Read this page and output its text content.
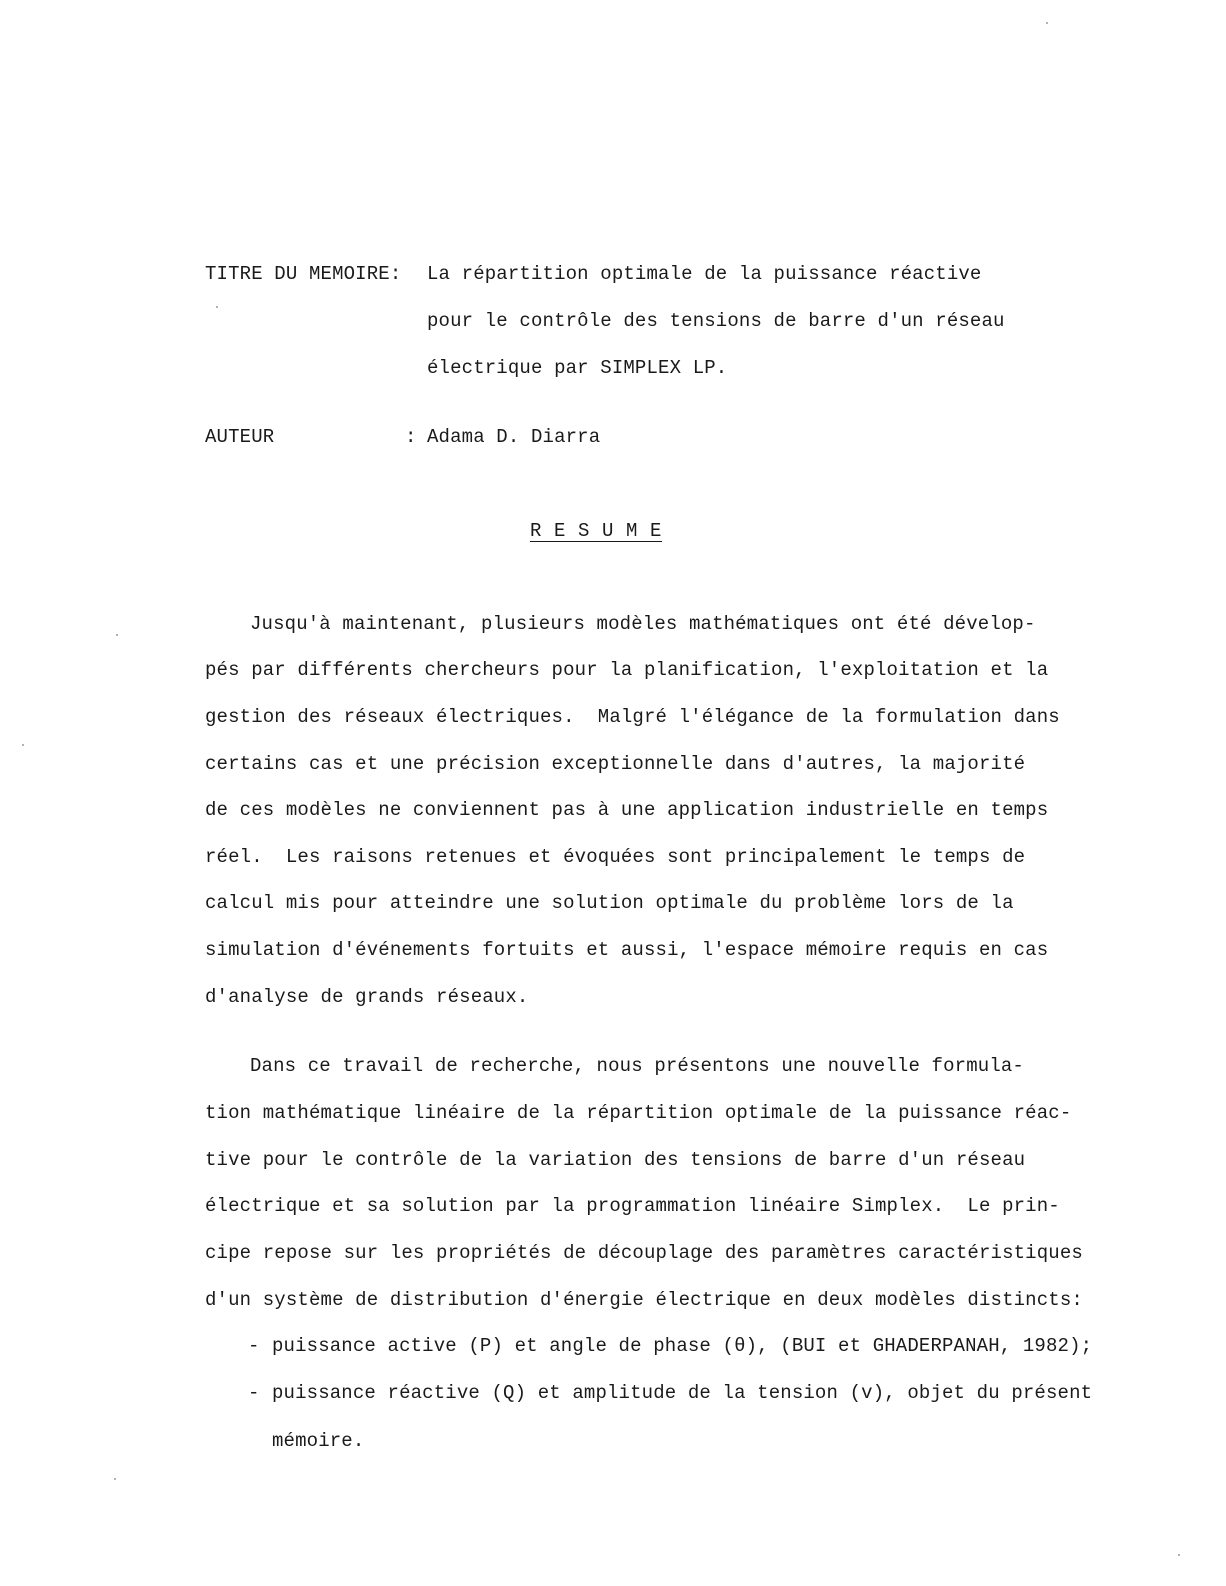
TITRE DU MEMOIRE: La répartition optimale de la puissance réactive
pour le contrôle des tensions de barre d'un réseau
électrique par SIMPLEX LP.
AUTEUR	: Adama D. Diarra
R E S U M E
Jusqu'à maintenant, plusieurs modèles mathématiques ont été dévelop-
pés par différents chercheurs pour la planification, l'exploitation et la
gestion des réseaux électriques.  Malgré l'élégance de la formulation dans
certains cas et une précision exceptionnelle dans d'autres, la majorité
de ces modèles ne conviennent pas à une application industrielle en temps
réel.  Les raisons retenues et évoquées sont principalement le temps de
calcul mis pour atteindre une solution optimale du problème lors de la
simulation d'événements fortuits et aussi, l'espace mémoire requis en cas
d'analyse de grands réseaux.
Dans ce travail de recherche, nous présentons une nouvelle formula-
tion mathématique linéaire de la répartition optimale de la puissance réac-
tive pour le contrôle de la variation des tensions de barre d'un réseau
électrique et sa solution par la programmation linéaire Simplex.  Le prin-
cipe repose sur les propriétés de découplage des paramètres caractéristiques
d'un système de distribution d'énergie électrique en deux modèles distincts:
- puissance active (P) et angle de phase (θ), (BUI et GHADERPANAH, 1982);
- puissance réactive (Q) et amplitude de la tension (v), objet du présent
mémoire.
